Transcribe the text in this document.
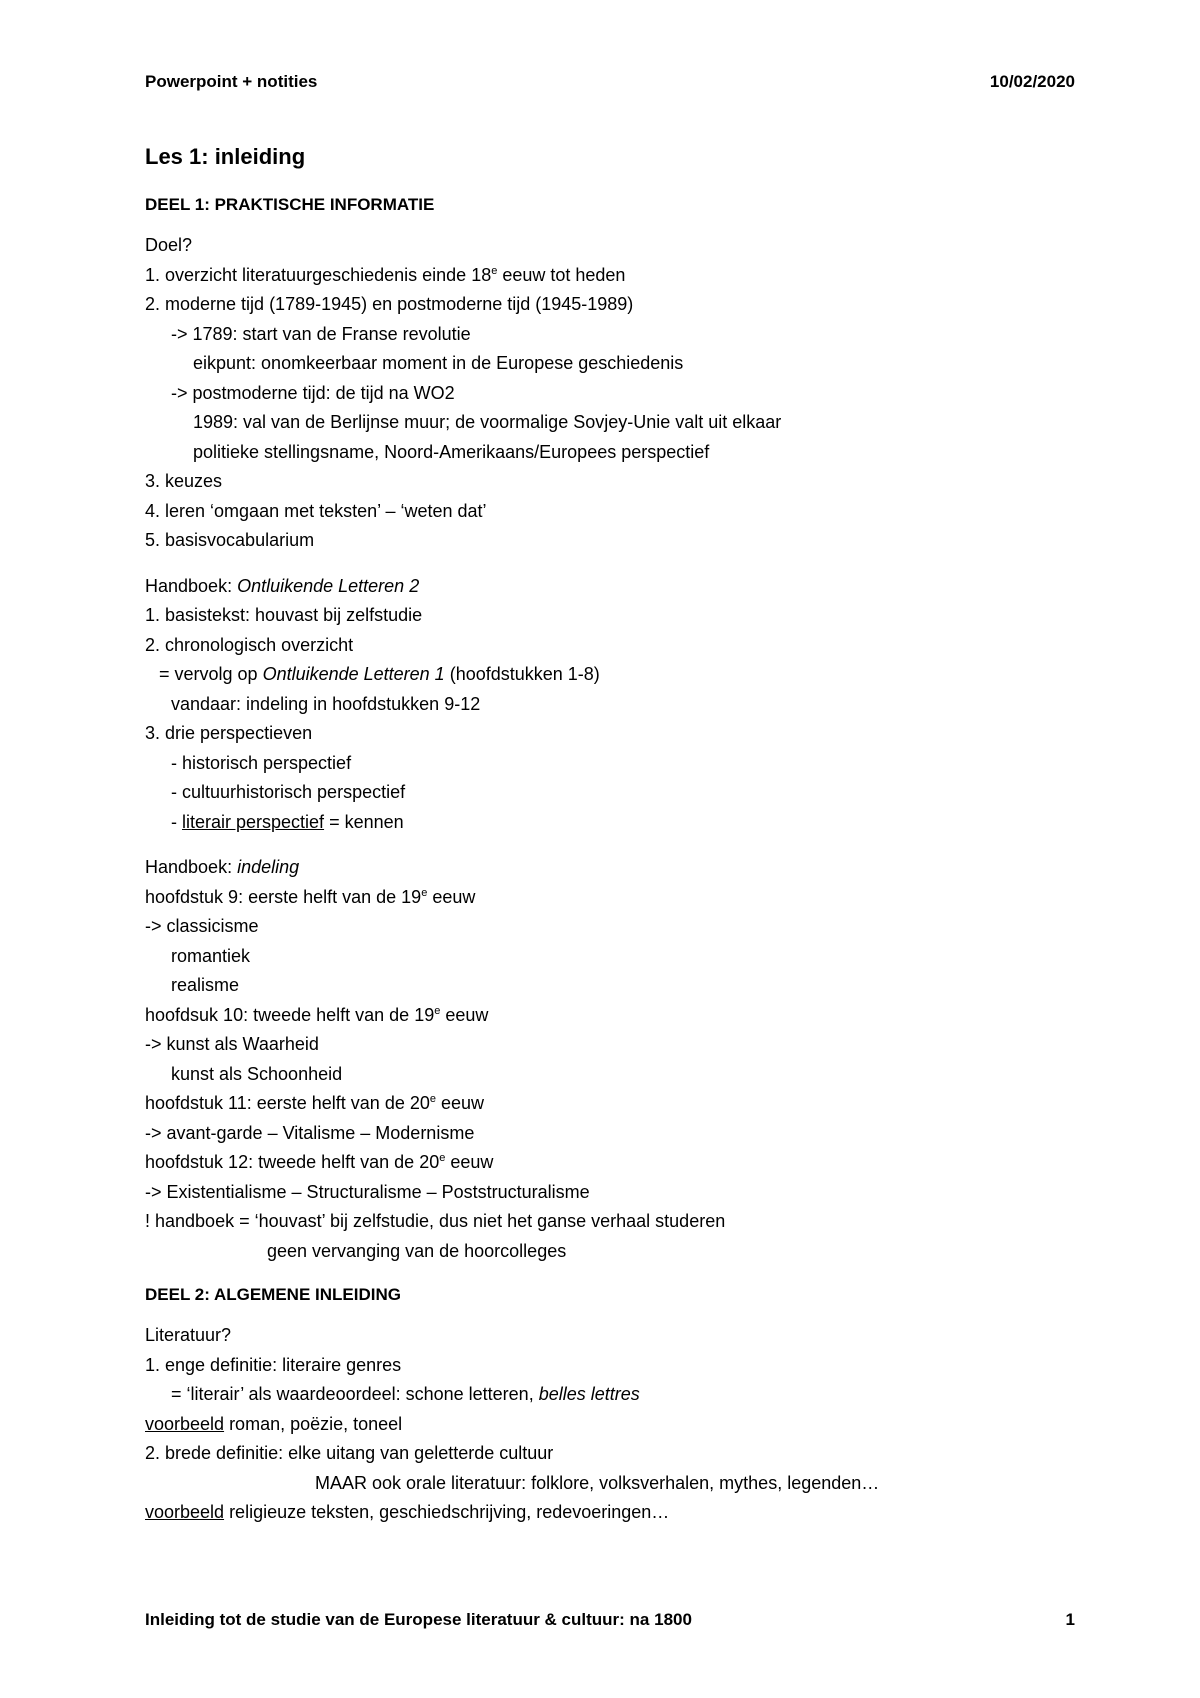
Powerpoint + notities	10/02/2020
Les 1: inleiding
DEEL 1: PRAKTISCHE INFORMATIE
Doel?
1. overzicht literatuurgeschiedenis einde 18e eeuw tot heden
2. moderne tijd (1789-1945) en postmoderne tijd (1945-1989)
-> 1789: start van de Franse revolutie
eikpunt: onomkeerbaar moment in de Europese geschiedenis
-> postmoderne tijd: de tijd na WO2
1989: val van de Berlijnse muur; de voormalige Sovjey-Unie valt uit elkaar
politieke stellingsname, Noord-Amerikaans/Europees perspectief
3. keuzes
4. leren ‘omgaan met teksten’ – ‘weten dat’
5. basisvocabularium
Handboek: Ontluikende Letteren 2
1. basistekst: houvast bij zelfstudie
2. chronologisch overzicht
= vervolg op Ontluikende Letteren 1 (hoofdstukken 1-8)
vandaar: indeling in hoofdstukken 9-12
3. drie perspectieven
- historisch perspectief
- cultuurhistorisch perspectief
- literair perspectief = kennen
Handboek: indeling
hoofdstuk 9: eerste helft van de 19e eeuw
-> classicisme
romantiek
realisme
hoofdsuk 10: tweede helft van de 19e eeuw
-> kunst als Waarheid
kunst als Schoonheid
hoofdstuk 11: eerste helft van de 20e eeuw
-> avant-garde – Vitalisme – Modernisme
hoofdstuk 12: tweede helft van de 20e eeuw
-> Existentialisme – Structuralisme – Poststructuralisme
! handboek = ‘houvast’ bij zelfstudie, dus niet het ganse verhaal studeren
geen vervanging van de hoorcolleges
DEEL 2: ALGEMENE INLEIDING
Literatuur?
1. enge definitie: literaire genres
= ‘literair’ als waardeoordeel: schone letteren, belles lettres
voorbeeld roman, poëzie, toneel
2. brede definitie: elke uitang van geletterde cultuur
MAAR ook orale literatuur: folklore, volksverhalen, mythes, legenden…
voorbeeld religieuze teksten, geschiedschrijving, redevoeringen…
Inleiding tot de studie van de Europese literatuur & cultuur: na 1800	1
